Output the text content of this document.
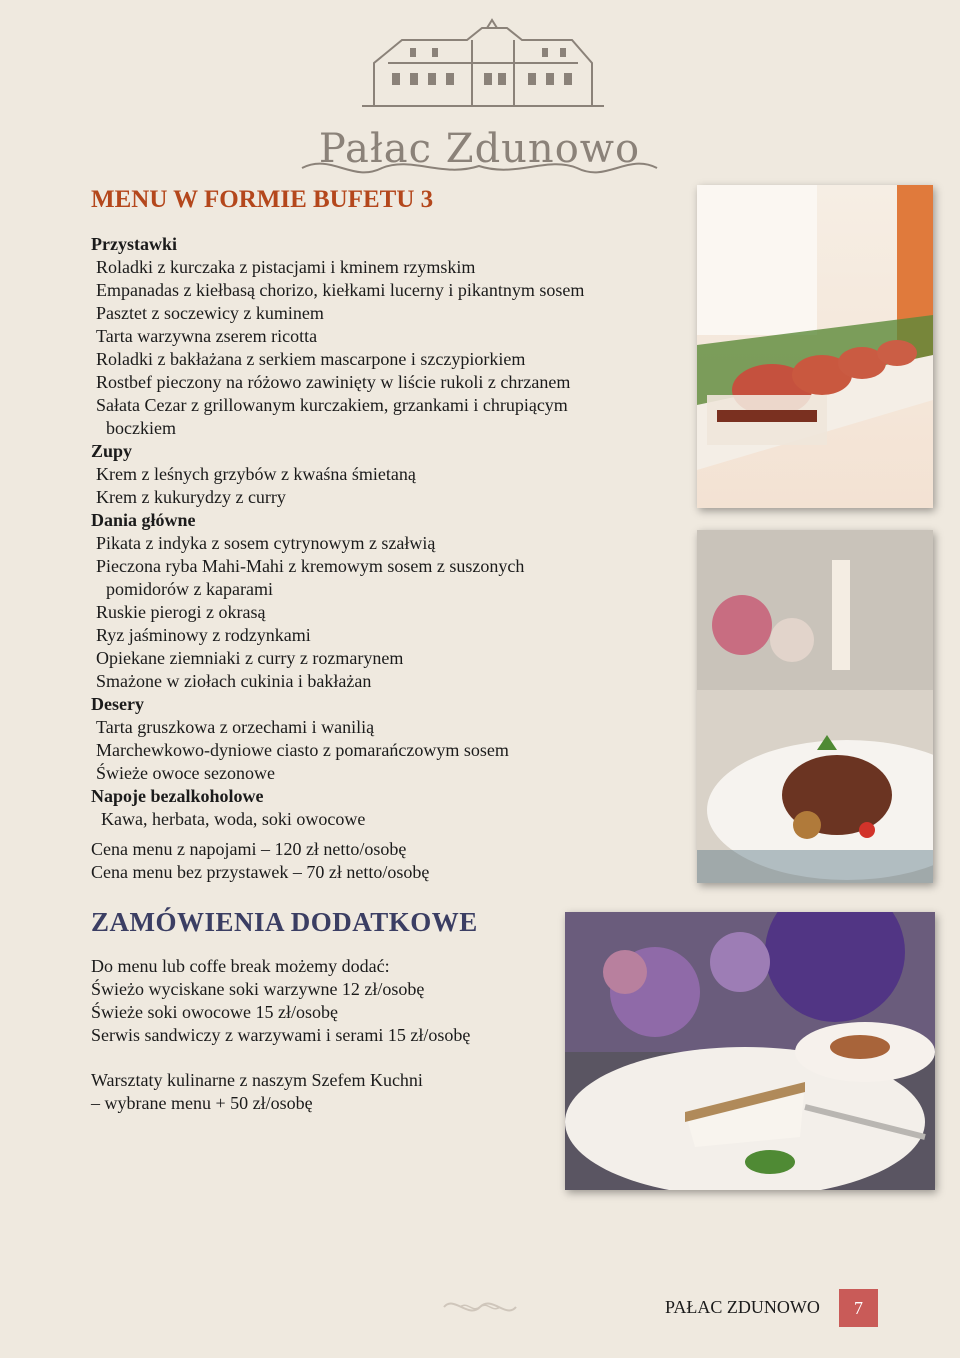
Pałac Zdunowo
MENU W FORMIE BUFETU 3
Przystawki
Roladki z kurczaka z pistacjami i kminem rzymskim
Empanadas z kiełbasą chorizo, kiełkami lucerny i pikantnym sosem
Pasztet z soczewicy z kuminem
Tarta warzywna zserem ricotta
Roladki z bakłażana z serkiem mascarpone i szczypiorkiem
Rostbef pieczony na różowo zawinięty w liście rukoli z chrzanem
Sałata Cezar z grillowanym kurczakiem, grzankami i chrupiącym
boczkiem
Zupy
Krem z leśnych grzybów z kwaśna śmietaną
Krem z kukurydzy z curry
Dania główne
Pikata z indyka z sosem cytrynowym z szałwią
Pieczona ryba Mahi-Mahi z kremowym sosem z suszonych
pomidorów z kaparami
Ruskie pierogi z okrasą
Ryz jaśminowy z rodzynkami
Opiekane ziemniaki z curry z rozmarynem
Smażone w ziołach cukinia i bakłażan
Desery
Tarta gruszkowa z orzechami i wanilią
Marchewkowo-dyniowe ciasto z pomarańczowym sosem
Świeże owoce sezonowe
Napoje bezalkoholowe
Kawa, herbata, woda, soki owocowe
Cena menu z napojami – 120 zł netto/osobę
Cena menu bez przystawek – 70 zł netto/osobę
ZAMÓWIENIA DODATKOWE
Do menu lub coffe break możemy dodać:
Świeżo wyciskane soki warzywne 12 zł/osobę
Świeże soki owocowe 15 zł/osobę
Serwis sandwiczy z warzywami i serami 15 zł/osobę
Warsztaty kulinarne z naszym Szefem Kuchni
– wybrane menu + 50 zł/osobę
PAŁAC ZDUNOWO	7
